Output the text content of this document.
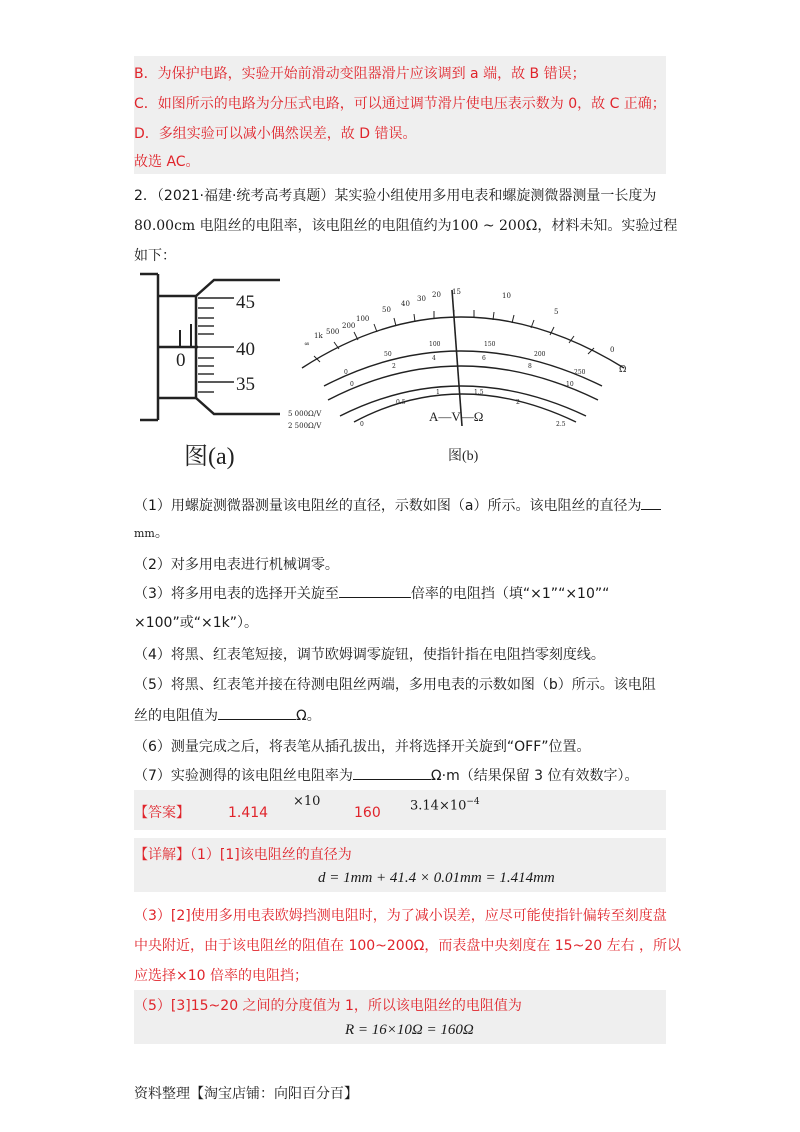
B．为保护电路，实验开始前滑动变阻器滑片应该调到 a 端，故 B 错误；
C．如图所示的电路为分压式电路，可以通过调节滑片使电压表示数为 0，故 C 正确；
D．多组实验可以减小偶然误差，故 D 错误。
故选 AC。
2．（2021·福建·统考高考真题）某实验小组使用多用电表和螺旋测微器测量一长度为
80.00cm 电阻丝的电阻率，该电阻丝的电阻值约为100 ~ 200Ω，材料未知。实验过程
如下：
45
40
35
0
图(a)
∞
1k 500
200
100
50
40
30 20 15	10
5
0
Ω
0
50
100	150
200
250
0
2
4	6
8
10
0
0.5
1	1.5
2
2.5
5 000Ω/V
2 500Ω/V
A—V—Ω
图(b)
（1）用螺旋测微器测量该电阻丝的直径，示数如图（a）所示。该电阻丝的直径为
mm。
（2）对多用电表进行机械调零。
（3）将多用电表的选择开关旋至	倍率的电阻挡（填“×1”“×10”“
×100”或“×1k”）。
（4）将黑、红表笔短接，调节欧姆调零旋钮，使指针指在电阻挡零刻度线。
（5）将黑、红表笔并接在待测电阻丝两端，多用电表的示数如图（b）所示。该电阻
丝的电阻值为	Ω。
（6）测量完成之后，将表笔从插孔拔出，并将选择开关旋到“OFF”位置。
（7）实验测得的该电阻丝电阻率为	Ω·m（结果保留 3 位有效数字）。
【答案】	1.414
×10
160 $3.14\times 10^{-4}$
【详解】（1）[1]该电阻丝的直径为
d = 1mm + 41.4 × 0.01mm = 1.414mm
（3）[2]使用多用电表欧姆挡测电阻时，为了减小误差，应尽可能使指针偏转至刻度盘
中央附近，由于该电阻丝的阻值在 100~200Ω，而表盘中央刻度在 15~20 左右 ，所以
应选择×10 倍率的电阻挡；
（5）[3]15~20 之间的分度值为 1，所以该电阻丝的电阻值为
R = 16×10Ω = 160Ω
资料整理【淘宝店铺：向阳百分百】
